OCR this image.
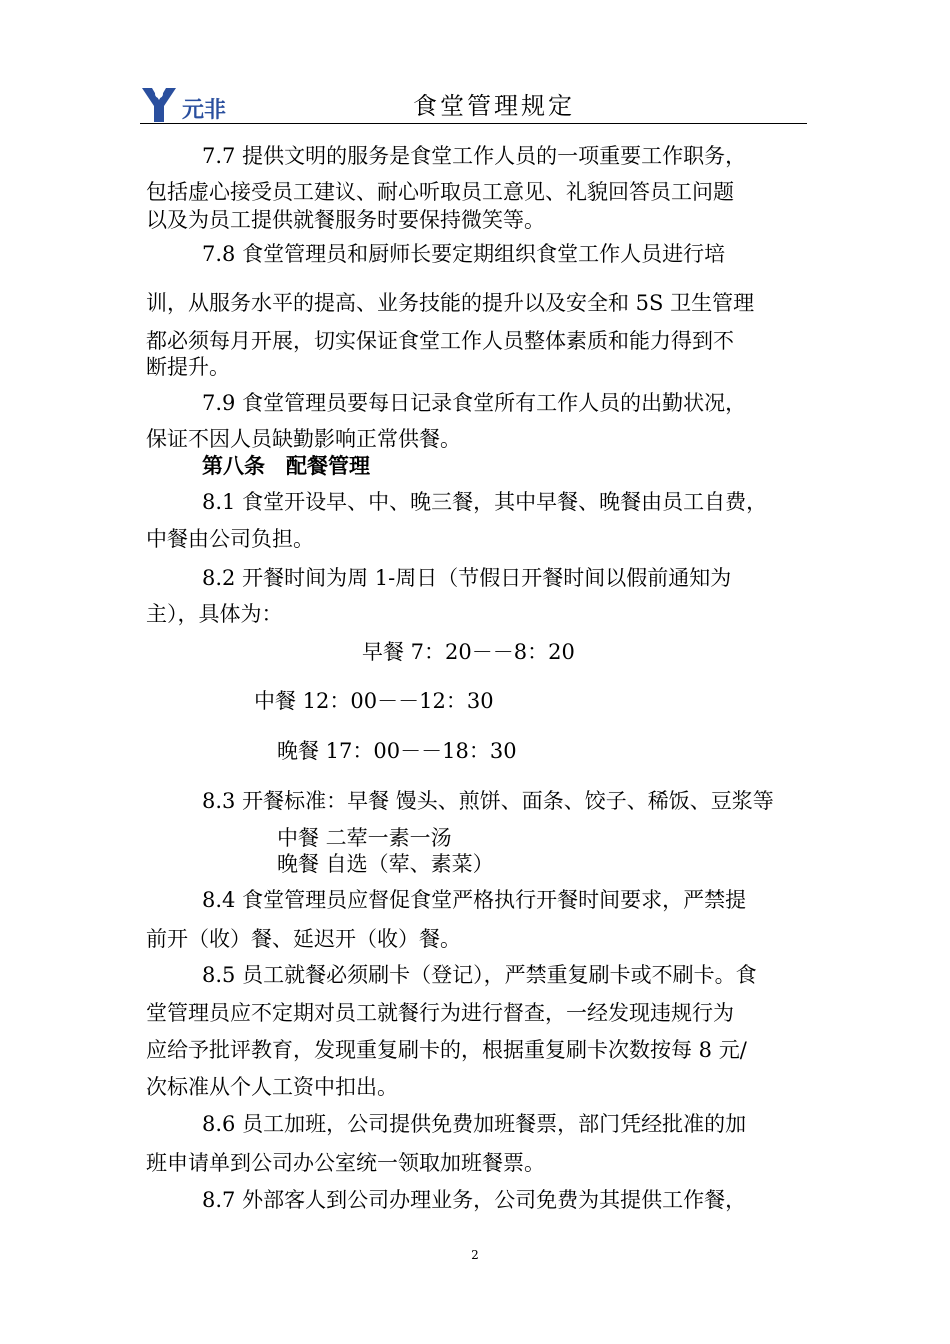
元非	食堂管理规定
7.7 提供文明的服务是食堂工作人员的一项重要工作职务，
包括虚心接受员工建议、耐心听取员工意见、礼貌回答员工问题
以及为员工提供就餐服务时要保持微笑等。
7.8 食堂管理员和厨师长要定期组织食堂工作人员进行培
训，从服务水平的提高、业务技能的提升以及安全和 5S 卫生管理
都必须每月开展，切实保证食堂工作人员整体素质和能力得到不
断提升。
7.9 食堂管理员要每日记录食堂所有工作人员的出勤状况，
保证不因人员缺勤影响正常供餐。
第八条　配餐管理
8.1 食堂开设早、中、晚三餐，其中早餐、晚餐由员工自费，
中餐由公司负担。
8.2 开餐时间为周 1-周日（节假日开餐时间以假前通知为
主），具体为：
早餐 7：20－－8：20
中餐 12：00－－12：30
晚餐 17：00－－18：30
8.3 开餐标准：早餐 馒头、煎饼、面条、饺子、稀饭、豆浆等
中餐 二荤一素一汤
晚餐 自选（荤、素菜）
8.4 食堂管理员应督促食堂严格执行开餐时间要求，严禁提
前开（收）餐、延迟开（收）餐。
8.5 员工就餐必须刷卡（登记），严禁重复刷卡或不刷卡。食
堂管理员应不定期对员工就餐行为进行督查，一经发现违规行为
应给予批评教育，发现重复刷卡的，根据重复刷卡次数按每 8 元/
次标准从个人工资中扣出。
8.6 员工加班，公司提供免费加班餐票，部门凭经批准的加
班申请单到公司办公室统一领取加班餐票。
8.7 外部客人到公司办理业务，公司免费为其提供工作餐，
2
